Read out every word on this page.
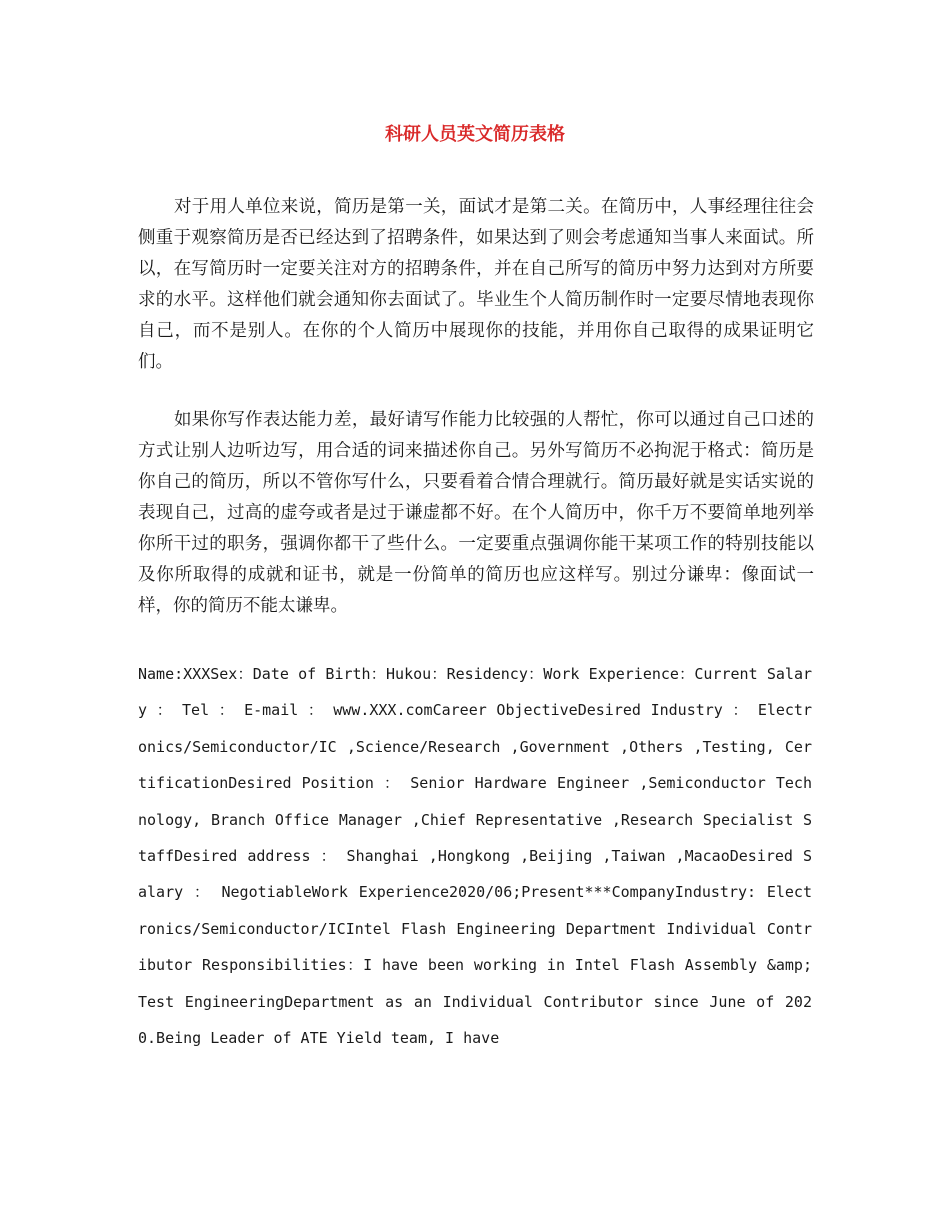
科研人员英文简历表格

对于用人单位来说，简历是第一关，面试才是第二关。在简历中，人事经理往往会侧重于观察简历是否已经达到了招聘条件，如果达到了则会考虑通知当事人来面试。所以，在写简历时一定要关注对方的招聘条件，并在自己所写的简历中努力达到对方所要求的水平。这样他们就会通知你去面试了。毕业生个人简历制作时一定要尽情地表现你自己，而不是别人。在你的个人简历中展现你的技能，并用你自己取得的成果证明它们。

如果你写作表达能力差，最好请写作能力比较强的人帮忙，你可以通过自己口述的方式让别人边听边写，用合适的词来描述你自己。另外写简历不必拘泥于格式：简历是你自己的简历，所以不管你写什么，只要看着合情合理就行。简历最好就是实话实说的表现自己，过高的虚夸或者是过于谦虚都不好。在个人简历中，你千万不要简单地列举你所干过的职务，强调你都干了些什么。一定要重点强调你能干某项工作的特别技能以及你所取得的成就和证书，就是一份简单的简历也应这样写。别过分谦卑：像面试一样，你的简历不能太谦卑。

Name:XXXSex：Date of Birth：Hukou：Residency：Work Experience：Current Salary ： Tel ： E-mail ： www.XXX.comCareer ObjectiveDesired Industry ： Electronics/Semiconductor/IC ,Science/Research ,Government ,Others ,Testing, CertificationDesired Position ： Senior Hardware Engineer ,Semiconductor Technology, Branch Office Manager ,Chief Representative ,Research Specialist StaffDesired address ： Shanghai ,Hongkong ,Beijing ,Taiwan ,MacaoDesired Salary ： NegotiableWork Experience2020/06;Present***CompanyIndustry: Electronics/Semiconductor/ICIntel Flash Engineering Department Individual Contributor Responsibilities：I have been working in Intel Flash Assembly &amp; Test EngineeringDepartment as an Individual Contributor since June of 2020.Being Leader of ATE Yield team, I have
